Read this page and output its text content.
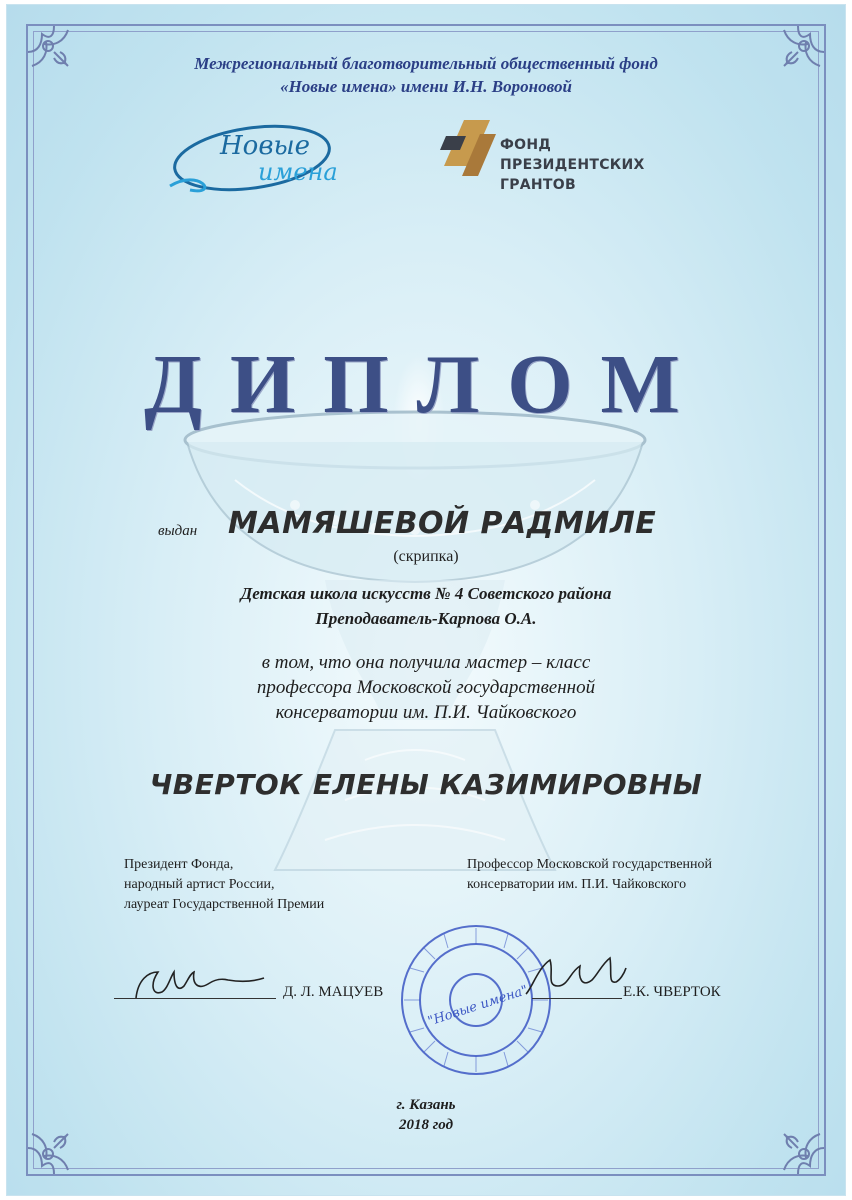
Межрегиональный благотворительный общественный фонд
«Новые имена» имени И.Н. Вороновой
Новые
имена
ФОНД
ПРЕЗИДЕНТСКИХ
ГРАНТОВ
ДИПЛОМ
выдан МАМЯШЕВОЙ РАДМИЛЕ
(скрипка)
Детская школа искусств № 4 Советского района
Преподаватель-Карпова О.А.
в том, что она получила мастер – класс
профессора Московской государственной
консерватории им. П.И. Чайковского
ЧВЕРТОК ЕЛЕНЫ КАЗИМИРОВНЫ
Президент Фонда,
народный артист России,
лауреат Государственной Премии
Профессор Московской государственной
консерватории им. П.И. Чайковского
"Новые имена"
Д. Л. МАЦУЕВ	Е.К. ЧВЕРТОК
г. Казань
2018 год
